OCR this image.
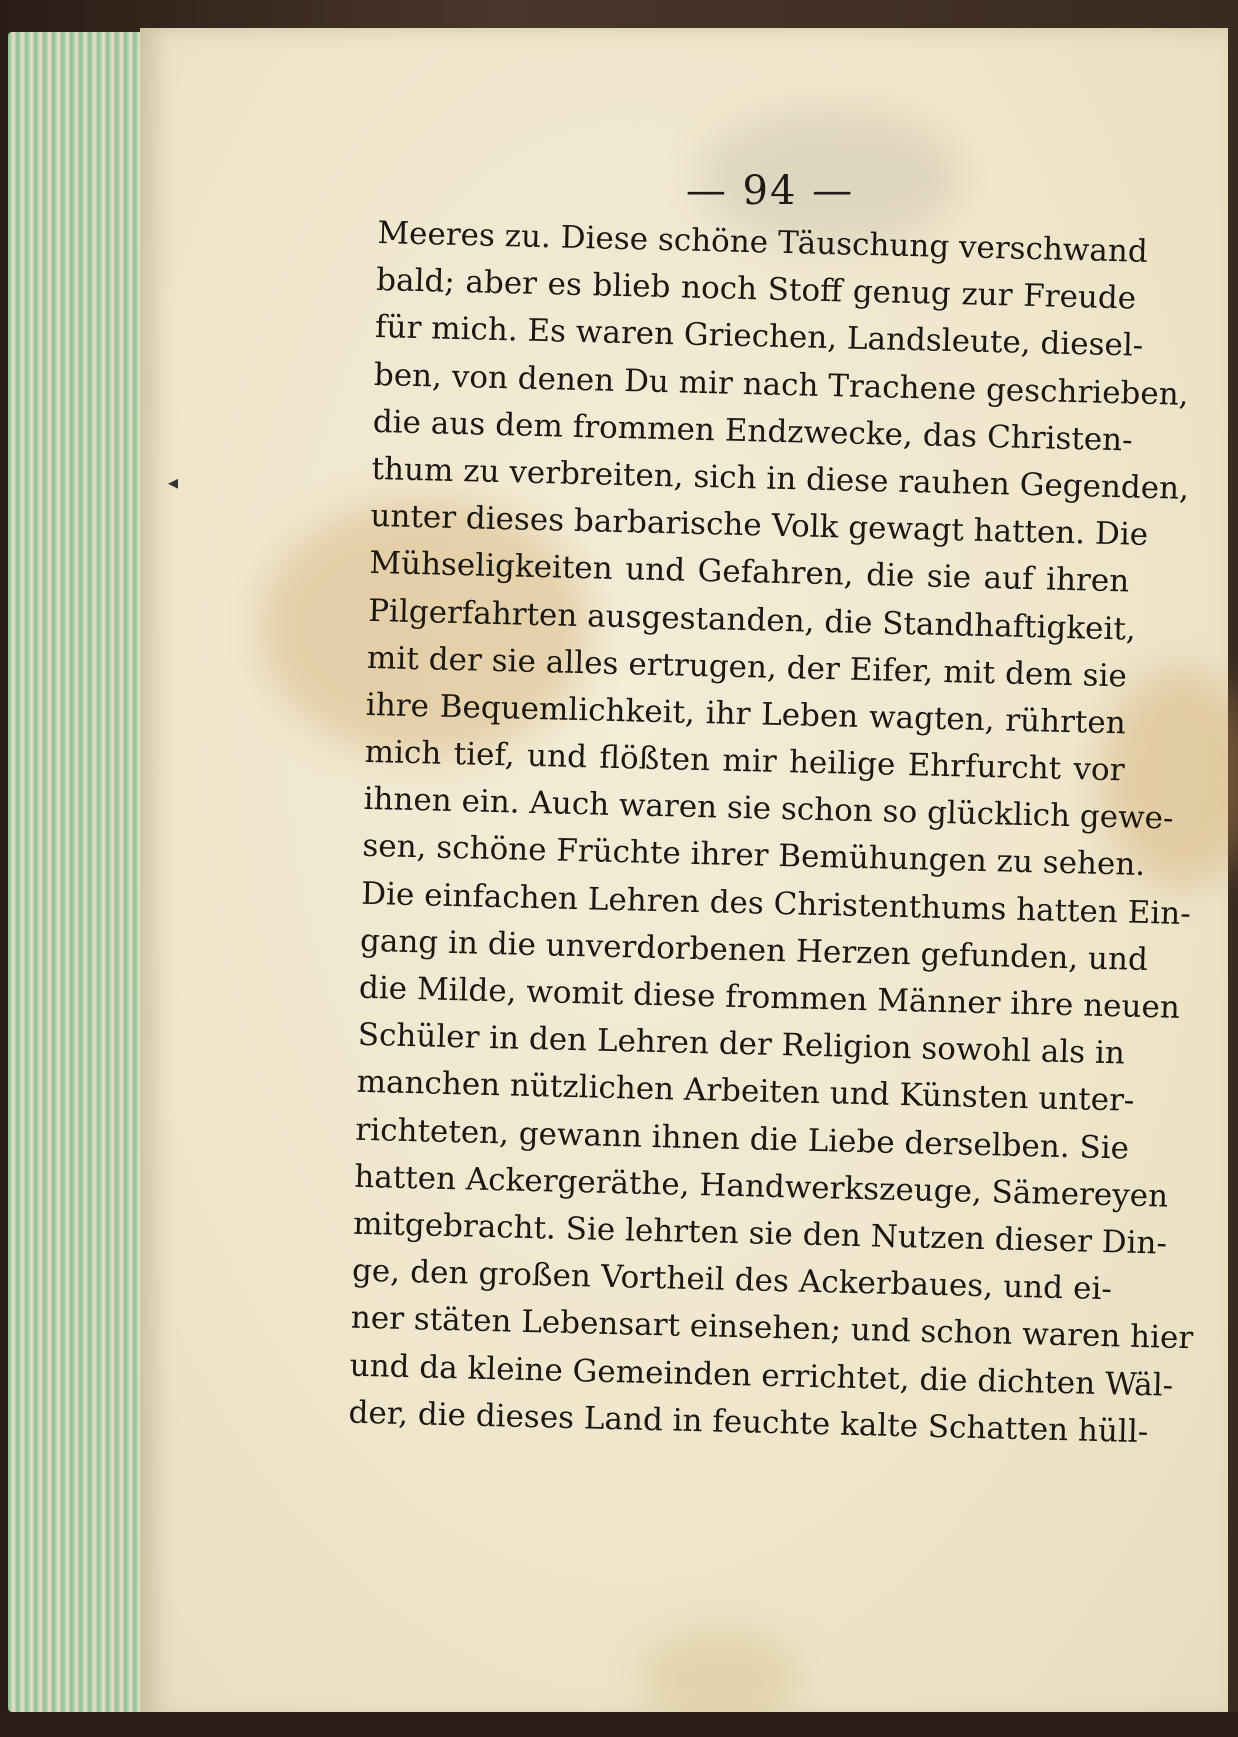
◂
— 94 —
Meeres zu. Diese schöne Täuschung verschwand
bald; aber es blieb noch Stoff genug zur Freude
für mich. Es waren Griechen, Landsleute, diesel-
ben, von denen Du mir nach Trachene geschrieben,
die aus dem frommen Endzwecke, das Christen-
thum zu verbreiten, sich in diese rauhen Gegenden,
unter dieses barbarische Volk gewagt hatten. Die
Mühseligkeiten und Gefahren, die sie auf ihren
Pilgerfahrten ausgestanden, die Standhaftigkeit,
mit der sie alles ertrugen, der Eifer, mit dem sie
ihre Bequemlichkeit, ihr Leben wagten, rührten
mich tief, und flößten mir heilige Ehrfurcht vor
ihnen ein. Auch waren sie schon so glücklich gewe-
sen, schöne Früchte ihrer Bemühungen zu sehen.
Die einfachen Lehren des Christenthums hatten Ein-
gang in die unverdorbenen Herzen gefunden, und
die Milde, womit diese frommen Männer ihre neuen
Schüler in den Lehren der Religion sowohl als in
manchen nützlichen Arbeiten und Künsten unter-
richteten, gewann ihnen die Liebe derselben. Sie
hatten Ackergeräthe, Handwerkszeuge, Sämereyen
mitgebracht. Sie lehrten sie den Nutzen dieser Din-
ge, den großen Vortheil des Ackerbaues, und ei-
ner stäten Lebensart einsehen; und schon waren hier
und da kleine Gemeinden errichtet, die dichten Wäl-
der, die dieses Land in feuchte kalte Schatten hüll-
